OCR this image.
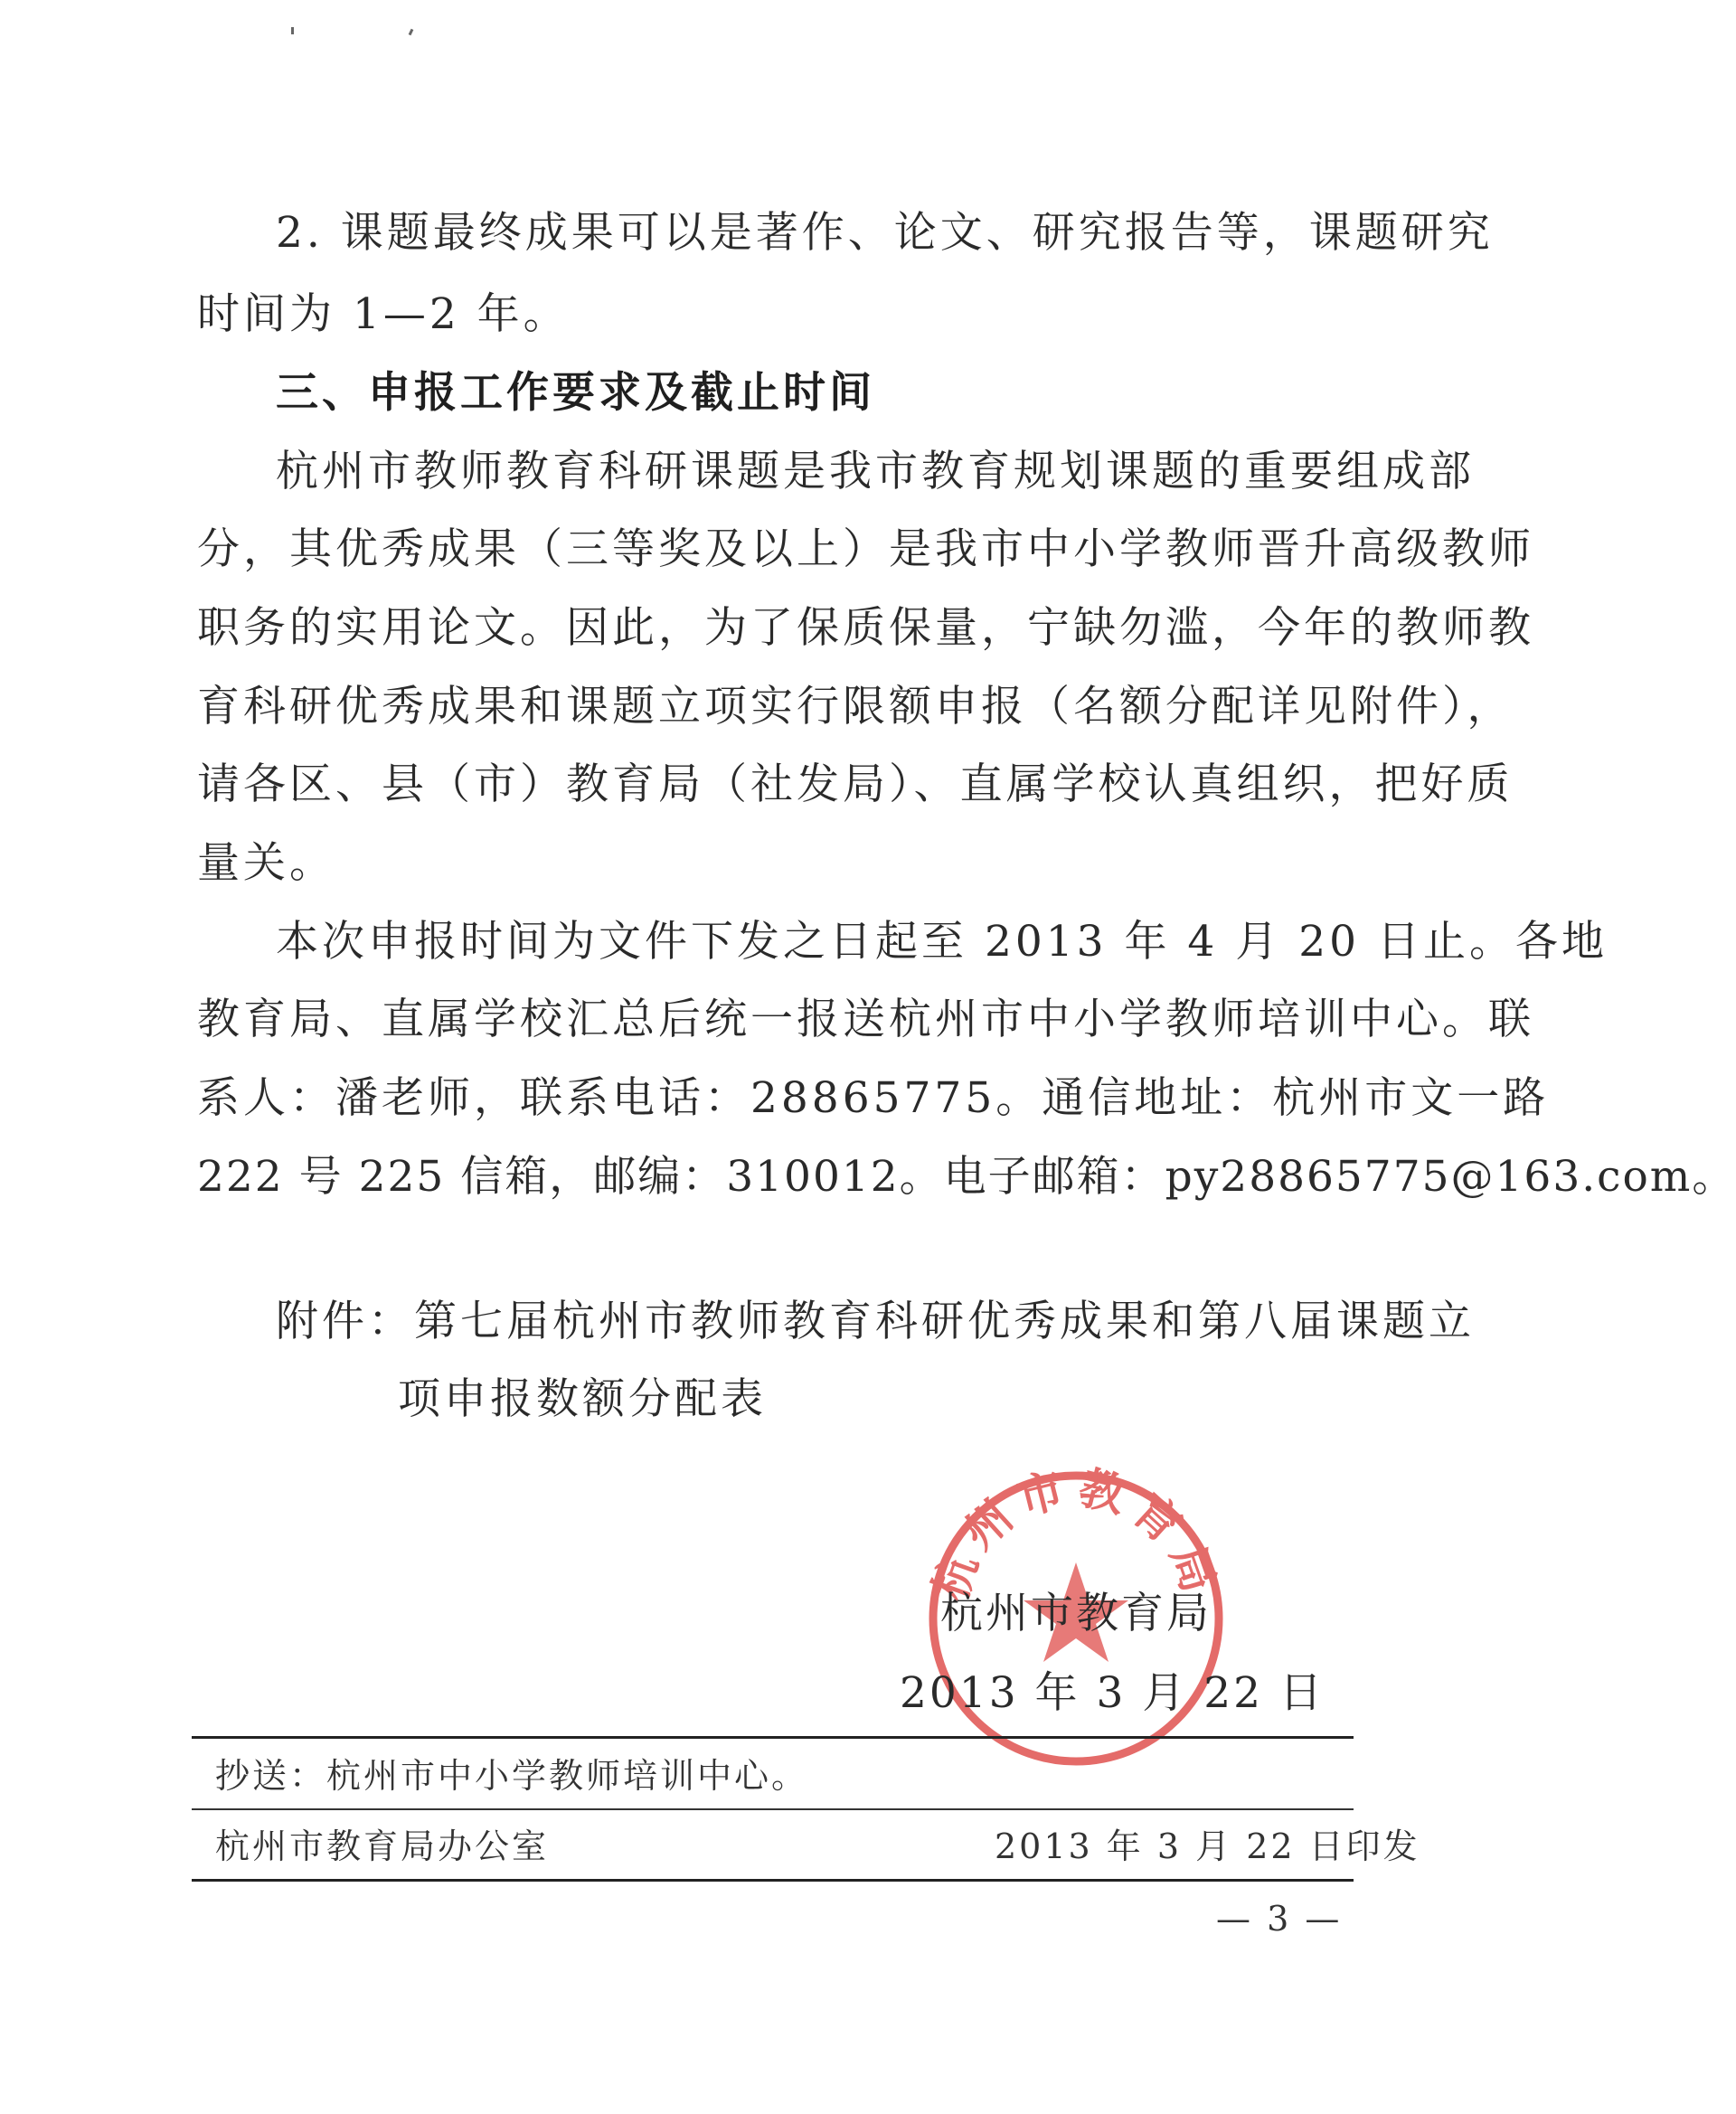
2. 课题最终成果可以是著作、论文、研究报告等，课题研究
时间为 1—2 年。
三、申报工作要求及截止时间
杭州市教师教育科研课题是我市教育规划课题的重要组成部
分，其优秀成果（三等奖及以上）是我市中小学教师晋升高级教师
职务的实用论文。因此，为了保质保量，宁缺勿滥，今年的教师教
育科研优秀成果和课题立项实行限额申报（名额分配详见附件），
请各区、县（市）教育局（社发局）、直属学校认真组织，把好质
量关。
本次申报时间为文件下发之日起至 2013 年 4 月 20 日止。各地
教育局、直属学校汇总后统一报送杭州市中小学教师培训中心。联
系人：潘老师，联系电话：28865775。通信地址：杭州市文一路
222 号 225 信箱，邮编：310012。电子邮箱：py28865775@163.com。
附件：第七届杭州市教师教育科研优秀成果和第八届课题立
项申报数额分配表
杭州市教育局
杭州市教育局
2013 年 3 月 22 日
抄送：杭州市中小学教师培训中心。
杭州市教育局办公室	2013 年 3 月 22 日印发
— 3 —
